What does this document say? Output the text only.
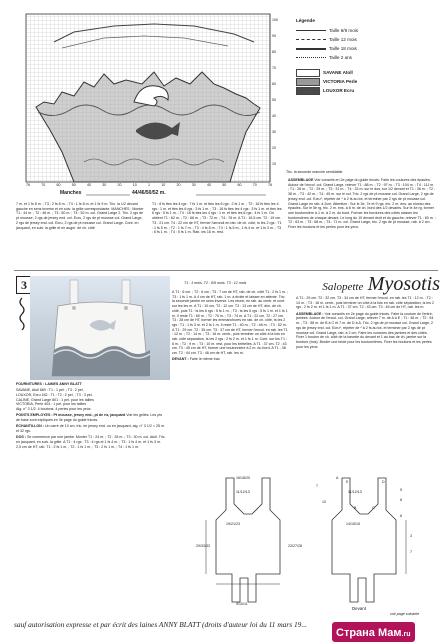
100
90
80
70
60
50
40
30
20
10
76	70	60	50	40	30	20	10	1	10	20	30	40	50	60	70	76
Manches	44/46/50/52 m.
Légende
Taille 6/9 mois
Taille 12 mois
Taille 18 mois
Taille 2 ans
SAVANE Atoll
VICTORIA Perle
LOUXOR Ecru
Tric. la seconde manche semblable.

7 m. et 1 fs 8 m. ; T3 : 2 fs 8 m. ; T4 : 1 fs 8 m. et 1 fs 9 m. Tric. la 1/2 devant gauche en sens inverse et en suiv. la grille correspondante. MANCHES : Monter T1 : 44 m. ; T2 : 46 m. ; T3 : 50 m. ; T4 : 52 m. col. Grand Large 2. Tric. 2 rgs de pt mousse, 2 rgs de jersey end. col. Ecru, 2 rgs de pt mousse col. Grand Large, 2 rgs de jersey end. col. Ecru, 2 rgs de pt mousse col. Grand Large. Cont. en jacquard, en suiv. la grille et en augm. de ch. côté

T1 : 8 fs ttes les 4 rgs : 7 fs 1 m. et ttes les 6 rgs : 2 fs 1 m. ; T2 : 16 fs ttes les 4 rgs : 1 m. et ttes les 6 rgs : 3 fs 1 m. ; T3 : 16 fs ttes les 4 rgs : 3 fs 1 m. et ttes les 6 rgs : 5 fs 1 m. ; T4 : 16 fs ttes les 4 rgs : 1 m. et ttes les 6 rgs : 4 fs 1 m. On obtient T1 : 62 m. ; T2 : 66 m. ; T3 : 72 m. ; T4 : 76 m. A T1 : 16,5 cm. T2 : 19 cm. T3 : 21 cm. T4 : 22 cm de HT, fermer l'arrondi en rab. de ch. côté, ts les 2 rgs : T1 : 1 fs 5 m. ; T2 : 1 fs 7 m. ; T3 : 4 fs 8 m. ; T4 : 1 fs 5 m., 1 fs 4 m. et 1 fs 3 m. ; T3 : 6 fs 1 m. ; T4 : 5 fs 1 m. Rab. les 16 m. rest.

ASSEMBLAGE Voir conseils en 2e page du guide tricots. Faire les coutures des épaules. Autour de l'encol. col. Grand Large, relever T1 : 88 m. ; T2 : 97 m. ; T3 : 104 m. ; T4 : 111 m. ; T1 : 26 m. ; T2 : 29 m. ; T3 : 31 m. ; T4 : 33 m. sur le dos, sur 1/2 devant et T1 : 36 m. ; T2 : 38 m. ; T3 : 42 m. ; T4 : 45 m. sur le col. Tric. 2 rgs de pt mousse col. Grand Large, 2 rgs de jersey end. col. Ecru*, répéter de * à 2 fs au tot, et terminer par 2 rgs de pt mousse col. Grand Large en rab. à 2cm. Attention : Sur le 3e, 7e et 9 rgs, tric. 2 m. ens. au niveau des épaules. Sur le 5e rg, tric. 2 m. ens. à 8 m. de ch. bord des 1/2 devants. Sur le 4e rg, former une boutonnière à 1 m. à 2 m. du bord. Former les bordures des côtés classer les boutonnières de chaque devant. Le long du 10 devant droit et du gauche, relever T1 : 60 m. ; T2 : 63 m. ; T3 : 68 m. ; T4 : 71 m. col. Grand Large, tric. 2 rgs de pt mousse, rab. à 2 cm. Fixer les boutons et les perles pour les yeux.

3	Salopette Myosotis
T1 : 3 mois. T2 : 6/9 mois. T3 : 12 mois

FOURNITURES : LAINES ANNY BLATT

SAVANE, Atoll 869 : T1 : 1 pel. ; T3 : 2 pel.

LOUXOR, Ecru 182 : T1 : T2 : 2 pel. ; T3 : 3 pel.

CALINE, Grand Large 801 : 1 pel. pour les tailles

VICTORIA, Perle 404 : 1 pel. pour les tailles

Aig. n° 3 1/2. 4 boutons. 4 perles pour les yeux.

POINTS EMPLOYES : Pt mousse, jersey end., pt de riz, jacquard Voir les grilles. Les pts de base sont expliqués en 3e page du guide tricots.

ECHANTILLON : Un carré de 10 cm, tric. en jersey end. ou en jacquard, aig. n° 3 1/2 = 25 m. et 32 rgs.

DOS : Se commence par une jambe. Monter T1 : 24 m. ; T2 : 28 m. ; T3 : 30 m. col. Atoll. Tric. en jacquard, en suiv. la grille. A T1 : 4 rgs ; T3 : 4 rgs et 1 fs 4 m. ; T3 : 1 fs 4 m. et 1 fs 3 m. 2,5 cm de HT, rab. T1 : 2 fs 1 m. ; T2 : 1 fs 1 m. ; T3 : 2 fs 1 m. ; T4 : 1 fs 1 m.

A T1 : 6 cm. ; T2 : 6 cm ; T3 : 7 cm de HT, rab. de ch. côté T1 : 2 fs 1 m. ; T3 : 1 fs 1 m. A 4 cm de HT, rab. 1 m. à droite et laisser en attente. Tric. la seconde jambe en sens inverse. Les réunir, en rab. au centr. et cont. sur les les m. A T1 : 10 cm. T2 : 12 cm. T3 : 13 cm de HT, dim. de ch. côté, puis T1 : ts les 6 rgs : 5 fs 1 m. ; T3 : ts les 6 rgs : 5 fs 1 m. et 1 fs 1 m. Il reste T1 : 60 m. ; T2 : 70 m. ; T3 : 74 m. A T1 : 22 cm. T2 : 27 cm. T3 : 28 cm de HT, former les emmanchures en rab. de ch. côté, ts les 2 rgs : T1 : 1 fs 3 m. et 2 fs 1 m. Il reste T1 : 40 m. ; T2 : 48 m. ; T3 : 52 m. A T1 : 29 cm. T2 : 35 cm. T3 : 37 cm de HT, former l'encol. en rab. les T1 : 12 m. ; T2 : 14 m. ; T3 : 16 m. centr., puis terminer un côté à la fois en rab. côté séparation, ts les 2 rgs : 2 fs 2 m. et 1 fs 1 m. Cont. sur les T1 : 6 m. ; T2 : 9 m. ; T3 : 10 m. rest. pour les bretelles. A T1 : 37 cm. T2 : 43 cm. T3 : 45 cm de HT, former une boutonnière à 2 m. du bord. A T1 : 38 cm. T2 : 44 cm. T3 : 46 cm de HT, rab. les m.

DEVANT : Faire le même trav.

A T1 : 29 cm. T2 : 32 cm. T3 : 34 cm de HT, fermer l'encol. en rab. les T1 : 12 m. ; T2 : 14 m. ; T3 : 16 m. centr., puis terminer un côté à la fois en rab. côté séparation, ts les 2 rgs : 2 fs 2 m. et 1 fs 1 m. A T1 : 37 cm. T2 : 43 cm. T3 : 45 cm de HT, rab. les m.

ASSEMBLAGE : Voir conseils en 2e page du guide tricots. Faire la couture de l'entre-jambes. Autour de l'encol. col. Grand Large, relever 7 m. de A à E ; T1 : 46 m. ; T2 : 54 m. ; T3 : 58 m. de B à C et 7 m. de D à A. Tric. 2 rgs de pt mousse col. Grand Large, 2 rgs de jersey end. col. Ecru*, répéter de * à 2 fs au tot, et terminer par 2 rgs de pt mousse col. Grand Large, rab. à 2 cm. Faire les coutures des jambes et des côtés. Fixer 1 bouton de ch. côté de la bavette du devant et 1 au bas de ch. jambe sur la bordure (bos). Broder une bride pour les boutonnières. Fixer les boutons et les perles pour les yeux.

16/18/20
11/12/13
19/21/23
29/33/33	23/27/28
9/10/11
11/12/13
14/15/15
7
10
5
8
6
3
7
B	C
D
E
A
Devant
sauf autorisation expresse et par écrit des laines ANNY BLATT (droits d'auteur loi du 11 mars 19...
voir page suivante
Страна Мам.ru
